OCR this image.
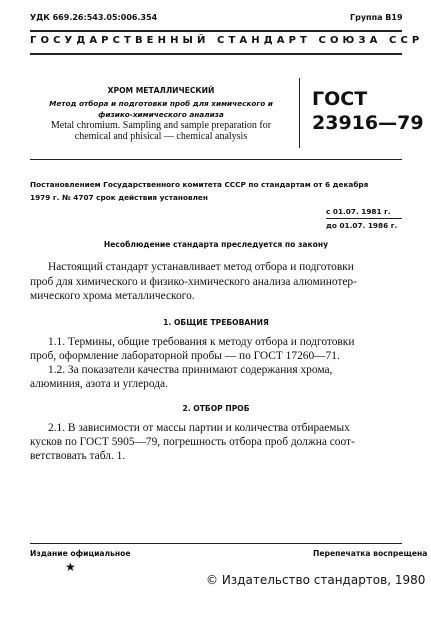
УДК 669.26:543.05:006.354	Группа В19
ГОСУДАРСТВЕННЫЙ СТАНДАРТ СОЮЗА ССР
ХРОМ МЕТАЛЛИЧЕСКИЙ
Метод отбора и подготовки проб для химического и
физико-химического анализа
Metal chromium. Sampling and sample preparation for
chemical and phisical — chemical analysis
ГОСТ
23916—79
Постановлением Государственного комитета СССР по стандартам от 6 декабря
1979 г. № 4707 срок действия установлен
с 01.07. 1981 г.
до 01.07. 1986 г.
Несоблюдение стандарта преследуется по закону
Настоящий стандарт устанавливает метод отбора и подготовки
проб для химического и физико-химического анализа алюминотер-
мического хрома металлического.
1. ОБЩИЕ ТРЕБОВАНИЯ
1.1. Термины, общие требования к методу отбора и подготовки
проб, оформление лабораторной пробы — по ГОСТ 17260—71.
1.2. За показатели качества принимают содержания хрома,
алюминия, азота и углерода.
2. ОТБОР ПРОБ
2.1. В зависимости от массы партии и количества отбираемых
кусков по ГОСТ 5905—79, погрешность отбора проб должна соот-
ветствовать табл. 1.
Издание официальное	Перепечатка воспрещена
★
© Издательство стандартов, 1980
